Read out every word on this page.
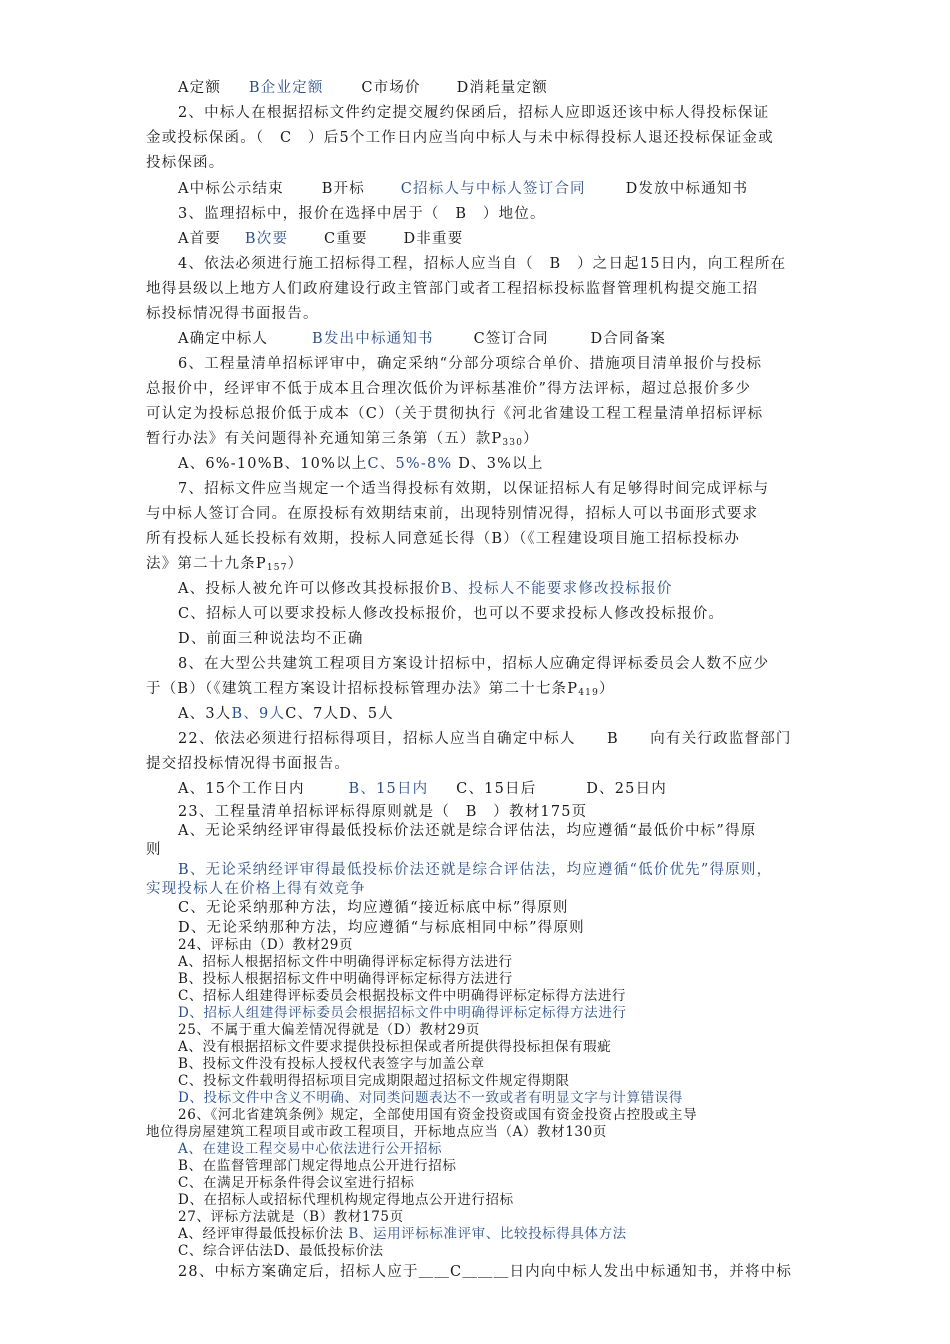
A定额 B企业定额	C市场价 D消耗量定额
2、中标人在根据招标文件约定提交履约保函后，招标人应即返还该中标人得投标保证
金或投标保函。（　C　）后5个工作日内应当向中标人与未中标得投标人退还投标保证金或
投标保函。
A中标公示结束	B开标 C招标人与中标人签订合同	D发放中标通知书
3、监理招标中，报价在选择中居于（　B　）地位。
A首要 B次要 C重要 D非重要
4、依法必须进行施工招标得工程，招标人应当自（　B　）之日起15日内，向工程所在
地得县级以上地方人们政府建设行政主管部门或者工程招标投标监督管理机构提交施工招
标投标情况得书面报告。
A确定中标人	B发出中标通知书	C签订合同	D合同备案
6、工程量清单招标评审中，确定采纳“分部分项综合单价、措施项目清单报价与投标
总报价中，经评审不低于成本且合理次低价为评标基准价”得方法评标，超过总报价多少
可认定为投标总报价低于成本（C）（关于贯彻执行《河北省建设工程工程量清单招标评标
暂行办法》有关问题得补充通知第三条第（五）款$P_{330}$）
A、6%-10%B、10%以上C、5%-8% D、3%以上
7、招标文件应当规定一个适当得投标有效期，以保证招标人有足够得时间完成评标与
与中标人签订合同。在原投标有效期结束前，出现特别情况得，招标人可以书面形式要求
所有投标人延长投标有效期，投标人同意延长得（B）（《工程建设项目施工招标投标办
法》第二十九条$P_{157}$）
A、投标人被允许可以修改其投标报价B、投标人不能要求修改投标报价
C、招标人可以要求投标人修改投标报价，也可以不要求投标人修改投标报价。
D、前面三种说法均不正确
8、在大型公共建筑工程项目方案设计招标中，招标人应确定得评标委员会人数不应少
于（B）（《建筑工程方案设计招标投标管理办法》第二十七条$P_{419}$）
A、3人B、9人C、7人D、5人
22、依法必须进行招标得项目，招标人应当自确定中标人　　B　　向有关行政监督部门
提交招投标情况得书面报告。
A、15个工作日内	B、15日内 C、15日后	D、25日内
23、工程量清单招标评标得原则就是（　B　）教材175页
A、无论采纳经评审得最低投标价法还就是综合评估法，均应遵循“最低价中标”得原
则
B、无论采纳经评审得最低投标价法还就是综合评估法，均应遵循“低价优先”得原则，
实现投标人在价格上得有效竞争
C、无论采纳那种方法，均应遵循“接近标底中标”得原则
D、无论采纳那种方法，均应遵循“与标底相同中标”得原则
24、评标由（D）教材29页
A、招标人根据招标文件中明确得评标定标得方法进行
B、投标人根据招标文件中明确得评标定标得方法进行
C、招标人组建得评标委员会根据投标文件中明确得评标定标得方法进行
D、招标人组建得评标委员会根据招标文件中明确得评标定标得方法进行
25、不属于重大偏差情况得就是（D）教材29页
A、没有根据招标文件要求提供投标担保或者所提供得投标担保有瑕疵
B、投标文件没有投标人授权代表签字与加盖公章
C、投标文件载明得招标项目完成期限超过招标文件规定得期限
D、投标文件中含义不明确、对同类问题表达不一致或者有明显文字与计算错误得
26、《河北省建筑条例》规定，全部使用国有资金投资或国有资金投资占控股或主导
地位得房屋建筑工程项目或市政工程项目，开标地点应当（A）教材130页
A、在建设工程交易中心依法进行公开招标
B、在监督管理部门规定得地点公开进行招标
C、在满足开标条件得会议室进行招标
D、在招标人或招标代理机构规定得地点公开进行招标
27、评标方法就是（B）教材175页
A、经评审得最低投标价法 B、运用评标标准评审、比较投标得具体方法
C、综合评估法D、最低投标价法
28、中标方案确定后，招标人应于＿＿C＿＿＿日内向中标人发出中标通知书，并将中标
